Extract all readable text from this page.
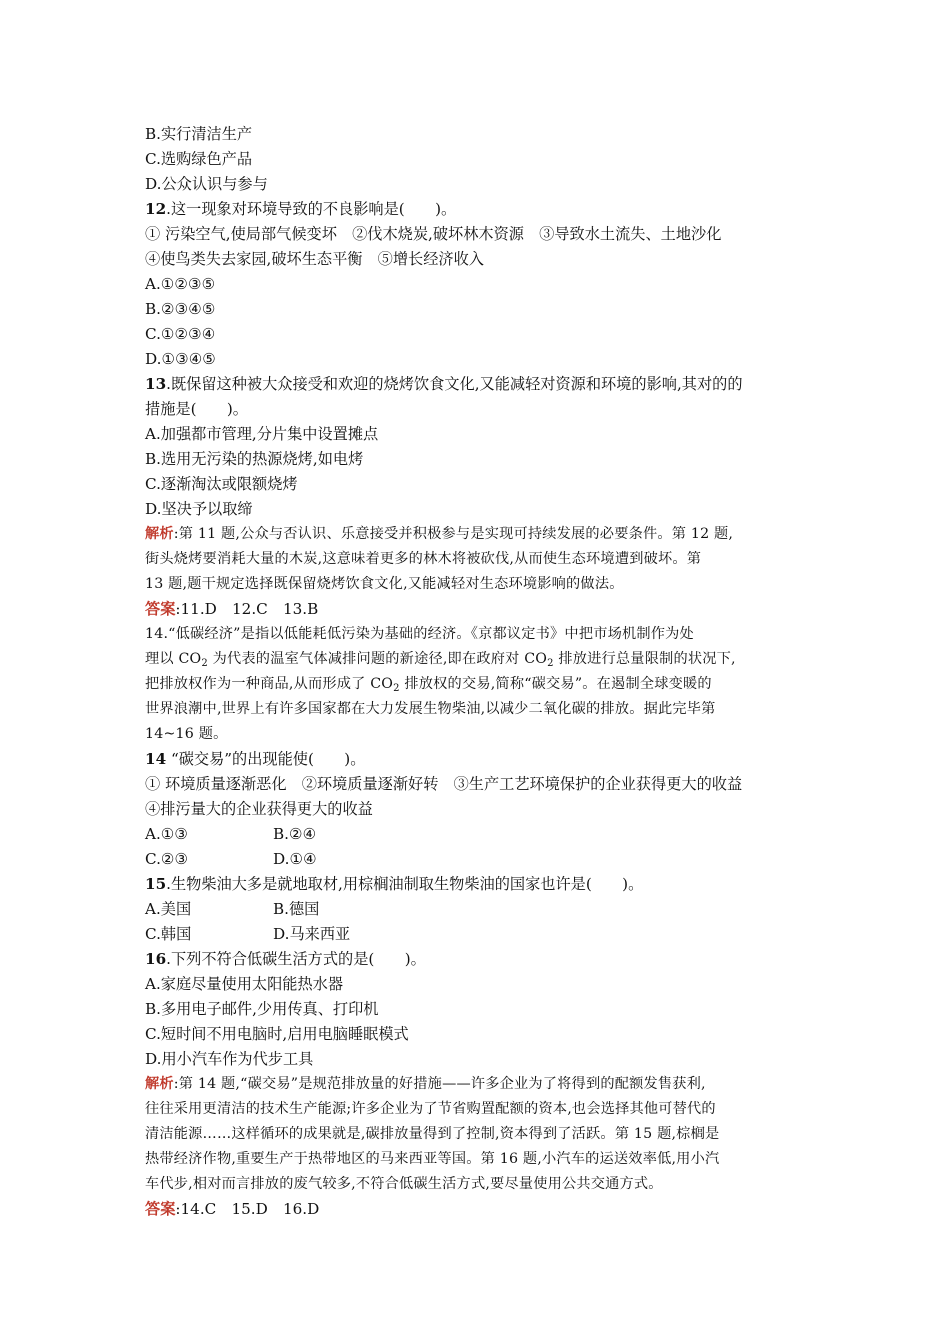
B.实行清洁生产
C.选购绿色产品
D.公众认识与参与
12.这一现象对环境导致的不良影响是(　　)。
① 污染空气,使局部气候变坏　②伐木烧炭,破坏林木资源　③导致水土流失、土地沙化
④使鸟类失去家园,破坏生态平衡　⑤增长经济收入
A.①②③⑤
B.②③④⑤
C.①②③④
D.①③④⑤
13.既保留这种被大众接受和欢迎的烧烤饮食文化,又能减轻对资源和环境的影响,其对的的
措施是(　　)。
A.加强都市管理,分片集中设置摊点
B.选用无污染的热源烧烤,如电烤
C.逐渐淘汰或限额烧烤
D.坚决予以取缔
解析:第 11 题,公众与否认识、乐意接受并积极参与是实现可持续发展的必要条件。第 12 题,
街头烧烤要消耗大量的木炭,这意味着更多的林木将被砍伐,从而使生态环境遭到破坏。第
13 题,题干规定选择既保留烧烤饮食文化,又能减轻对生态环境影响的做法。
答案:11.D　12.C　13.B
14.“低碳经济”是指以低能耗低污染为基础的经济。《京都议定书》中把市场机制作为处
理以 $CO_2$ 为代表的温室气体减排问题的新途径,即在政府对 $CO_2$ 排放进行总量限制的状况下,
把排放权作为一种商品,从而形成了 $CO_2$ 排放权的交易,简称“碳交易”。在遏制全球变暖的
世界浪潮中,世界上有许多国家都在大力发展生物柴油,以减少二氧化碳的排放。据此完毕第
14~16 题。
14 “碳交易”的出现能使(　　)。
① 环境质量逐渐恶化　②环境质量逐渐好转　③生产工艺环境保护的企业获得更大的收益
④排污量大的企业获得更大的收益
A.①③	B.②④
C.②③	D.①④
15.生物柴油大多是就地取材,用棕榈油制取生物柴油的国家也许是(　　)。
A.美国	B.德国
C.韩国	D.马来西亚
16.下列不符合低碳生活方式的是(　　)。
A.家庭尽量使用太阳能热水器
B.多用电子邮件,少用传真、打印机
C.短时间不用电脑时,启用电脑睡眠模式
D.用小汽车作为代步工具
解析:第 14 题,“碳交易”是规范排放量的好措施——许多企业为了将得到的配额发售获利,
往往采用更清洁的技术生产能源;许多企业为了节省购置配额的资本,也会选择其他可替代的
清洁能源……这样循环的成果就是,碳排放量得到了控制,资本得到了活跃。第 15 题,棕榈是
热带经济作物,重要生产于热带地区的马来西亚等国。第 16 题,小汽车的运送效率低,用小汽
车代步,相对而言排放的废气较多,不符合低碳生活方式,要尽量使用公共交通方式。
答案:14.C　15.D　16.D
